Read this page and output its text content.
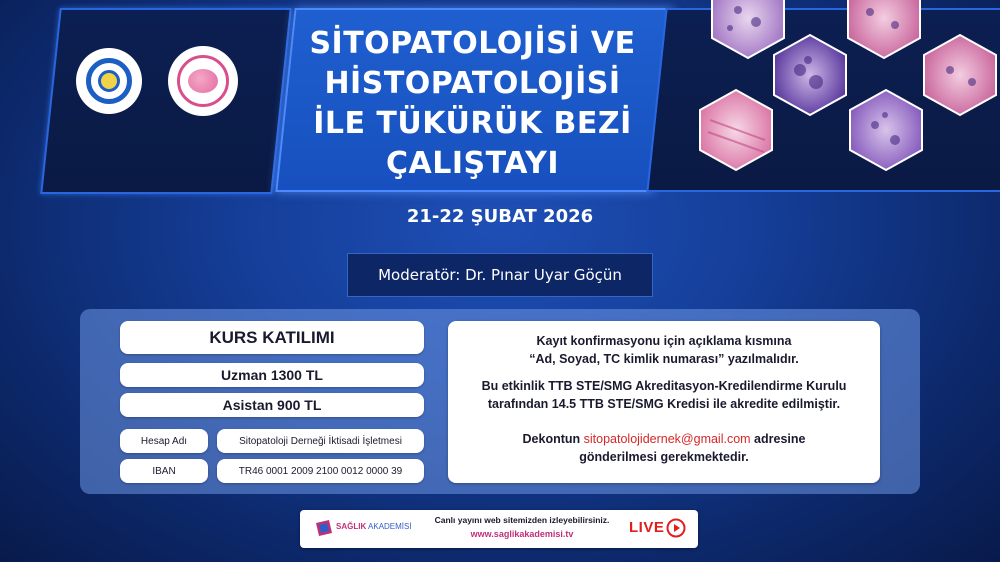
SİTOPATOLOJİSİ VE
HİSTOPATOLOJİSİ
İLE TÜKÜRÜK BEZİ
ÇALIŞTAYI
21-22 ŞUBAT 2026
Moderatör: Dr. Pınar Uyar Göçün
KURS KATILIMI
Uzman 1300 TL
Asistan 900 TL
Hesap Adı	Sitopatoloji Derneği İktisadi İşletmesi
IBAN	TR46 0001 2009 2100 0012 0000 39

Kayıt konfirmasyonu için açıklama kısmına
“Ad, Soyad, TC kimlik numarası” yazılmalıdır.

Bu etkinlik TTB STE/SMG Akreditasyon-Kredilendirme Kurulu
tarafından 14.5 TTB STE/SMG Kredisi ile akredite edilmiştir.

Dekontun sitopatolojidernek@gmail.com adresine
gönderilmesi gerekmektedir.

SAĞLIK AKADEMİSİ
Canlı yayını web sitemizden izleyebilirsiniz.
www.saglikakademisi.tv	LIVE
